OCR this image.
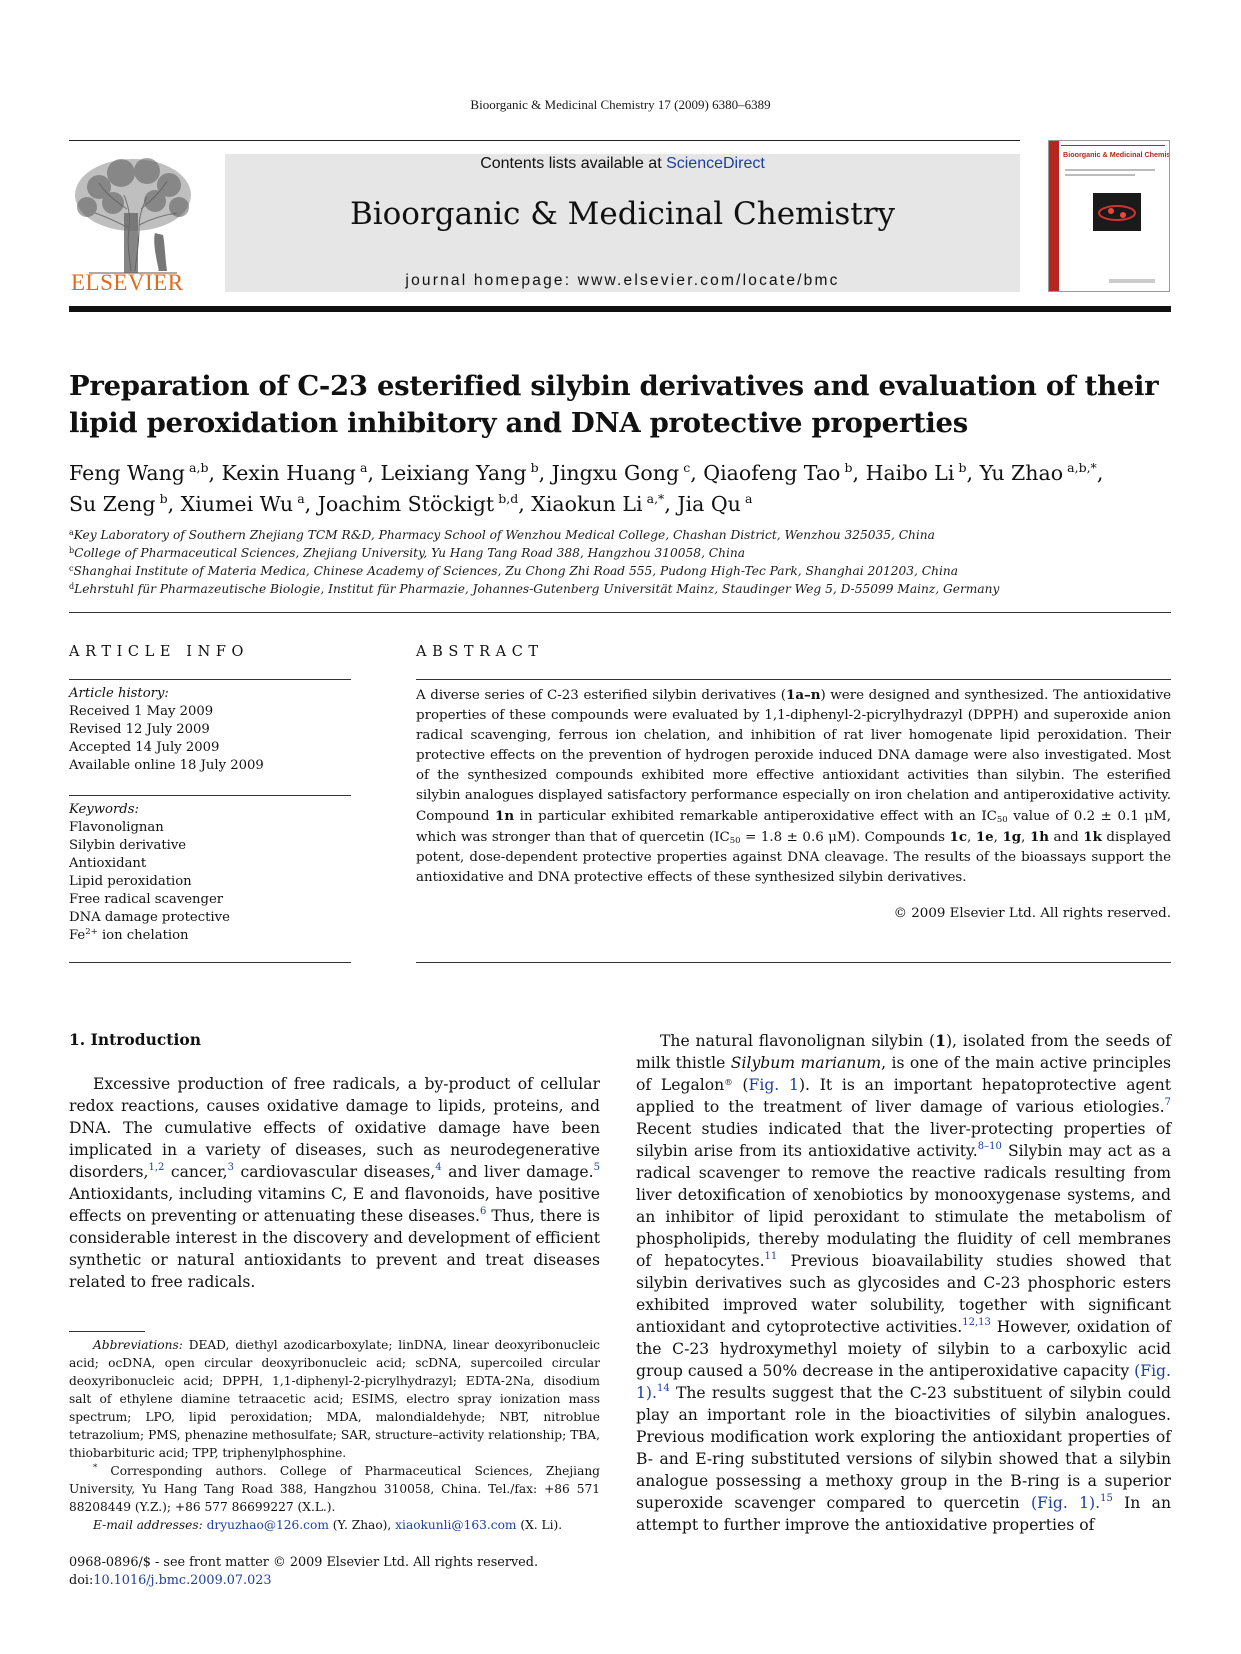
Bioorganic & Medicinal Chemistry 17 (2009) 6380–6389
ELSEVIER
Contents lists available at ScienceDirect
Bioorganic & Medicinal Chemistry
journal homepage: www.elsevier.com/locate/bmc
Bioorganic & Medicinal Chemistry
Preparation of C-23 esterified silybin derivatives and evaluation of their
lipid peroxidation inhibitory and DNA protective properties
Feng Wang  $^{a,b}$, Kexin Huang  $^a$, Leixiang Yang  $^b$, Jingxu Gong  $^c$, Qiaofeng Tao  $^b$, Haibo Li  $^b$, Yu Zhao  $^{a,b,*}$,
Su Zeng  $^b$, Xiumei Wu  $^a$, Joachim Stöckigt  $^{b,d}$, Xiaokun Li  $^{a,*}$, Jia Qu  $^a$
$^a$Key Laboratory of Southern Zhejiang TCM R&D, Pharmacy School of Wenzhou Medical College, Chashan District, Wenzhou 325035, China
$^b$College of Pharmaceutical Sciences, Zhejiang University, Yu Hang Tang Road 388, Hangzhou 310058, China
$^c$Shanghai Institute of Materia Medica, Chinese Academy of Sciences, Zu Chong Zhi Road 555, Pudong High-Tec Park, Shanghai 201203, China
$^d$Lehrstuhl für Pharmazeutische Biologie, Institut für Pharmazie, Johannes-Gutenberg Universität Mainz, Staudinger Weg 5, D-55099 Mainz, Germany
ARTICLE INFO
Article history:
Received 1 May 2009
Revised 12 July 2009
Accepted 14 July 2009
Available online 18 July 2009
Keywords:
Flavonolignan
Silybin derivative
Antioxidant
Lipid peroxidation
Free radical scavenger
DNA damage protective
$Fe^{2+}$ ion chelation
ABSTRACT
A diverse series of C-23 esterified silybin derivatives (1a–n) were designed and synthesized. The antioxidative properties of these compounds were evaluated by 1,1-diphenyl-2-picrylhydrazyl (DPPH) and superoxide anion radical scavenging, ferrous ion chelation, and inhibition of rat liver homogenate lipid peroxidation. Their protective effects on the prevention of hydrogen peroxide induced DNA damage were also investigated. Most of the synthesized compounds exhibited more effective antioxidant activities than silybin. The esterified silybin analogues displayed satisfactory performance especially on iron chelation and antiperoxidative activity. Compound 1n in particular exhibited remarkable antiperoxidative effect with an $IC_{50}$ value of 0.2 ± 0.1 μM, which was stronger than that of quercetin ($IC_{50} = 1.8 \pm 0.6$ μM). Compounds 1c, 1e, 1g, 1h and 1k displayed potent, dose-dependent protective properties against DNA cleavage. The results of the bioassays support the antioxidative and DNA protective effects of these synthesized silybin derivatives.
© 2009 Elsevier Ltd. All rights reserved.
1. Introduction
Excessive production of free radicals, a by-product of cellular redox reactions, causes oxidative damage to lipids, proteins, and DNA. The cumulative effects of oxidative damage have been implicated in a variety of diseases, such as neurodegenerative disorders,$^{1,2}$ cancer,$^3$ cardiovascular diseases,$^4$ and liver damage.$^5$ Antioxidants, including vitamins C, E and flavonoids, have positive effects on preventing or attenuating these diseases.$^6$ Thus, there is considerable interest in the discovery and development of efficient synthetic or natural antioxidants to prevent and treat diseases related to free radicals.
The natural flavonolignan silybin (1), isolated from the seeds of milk thistle Silybum marianum, is one of the main active principles of Legalon® (Fig. 1). It is an important hepatoprotective agent applied to the treatment of liver damage of various etiologies.$^7$ Recent studies indicated that the liver-protecting properties of silybin arise from its antioxidative activity.$^{8-10}$ Silybin may act as a radical scavenger to remove the reactive radicals resulting from liver detoxification of xenobiotics by monooxygenase systems, and an inhibitor of lipid peroxidant to stimulate the metabolism of phospholipids, thereby modulating the fluidity of cell membranes of hepatocytes.$^{11}$ Previous bioavailability studies showed that silybin derivatives such as glycosides and C-23 phosphoric esters exhibited improved water solubility, together with significant antioxidant and cytoprotective activities.$^{12,13}$ However, oxidation of the C-23 hydroxymethyl moiety of silybin to a carboxylic acid group caused a 50% decrease in the antiperoxidative capacity (Fig. 1).$^{14}$ The results suggest that the C-23 substituent of silybin could play an important role in the bioactivities of silybin analogues. Previous modification work exploring the antioxidant properties of B- and E-ring substituted versions of silybin showed that a silybin analogue possessing a methoxy group in the B-ring is a superior superoxide scavenger compared to quercetin (Fig. 1).$^{15}$ In an attempt to further improve the antioxidative properties of

Abbreviations: DEAD, diethyl azodicarboxylate; linDNA, linear deoxyribonucleic acid; ocDNA, open circular deoxyribonucleic acid; scDNA, supercoiled circular deoxyribonucleic acid; DPPH, 1,1-diphenyl-2-picrylhydrazyl; EDTA-2Na, disodium salt of ethylene diamine tetraacetic acid; ESIMS, electro spray ionization mass spectrum; LPO, lipid peroxidation; MDA, malondialdehyde; NBT, nitroblue tetrazolium; PMS, phenazine methosulfate; SAR, structure–activity relationship; TBA, thiobarbituric acid; TPP, triphenylphosphine.

* Corresponding authors. College of Pharmaceutical Sciences, Zhejiang University, Yu Hang Tang Road 388, Hangzhou 310058, China. Tel./fax: +86 571 88208449 (Y.Z.); +86 577 86699227 (X.L.).

E-mail addresses: dryuzhao@126.com (Y. Zhao), xiaokunli@163.com (X. Li).

0968-0896/$ - see front matter © 2009 Elsevier Ltd. All rights reserved.
doi:10.1016/j.bmc.2009.07.023
